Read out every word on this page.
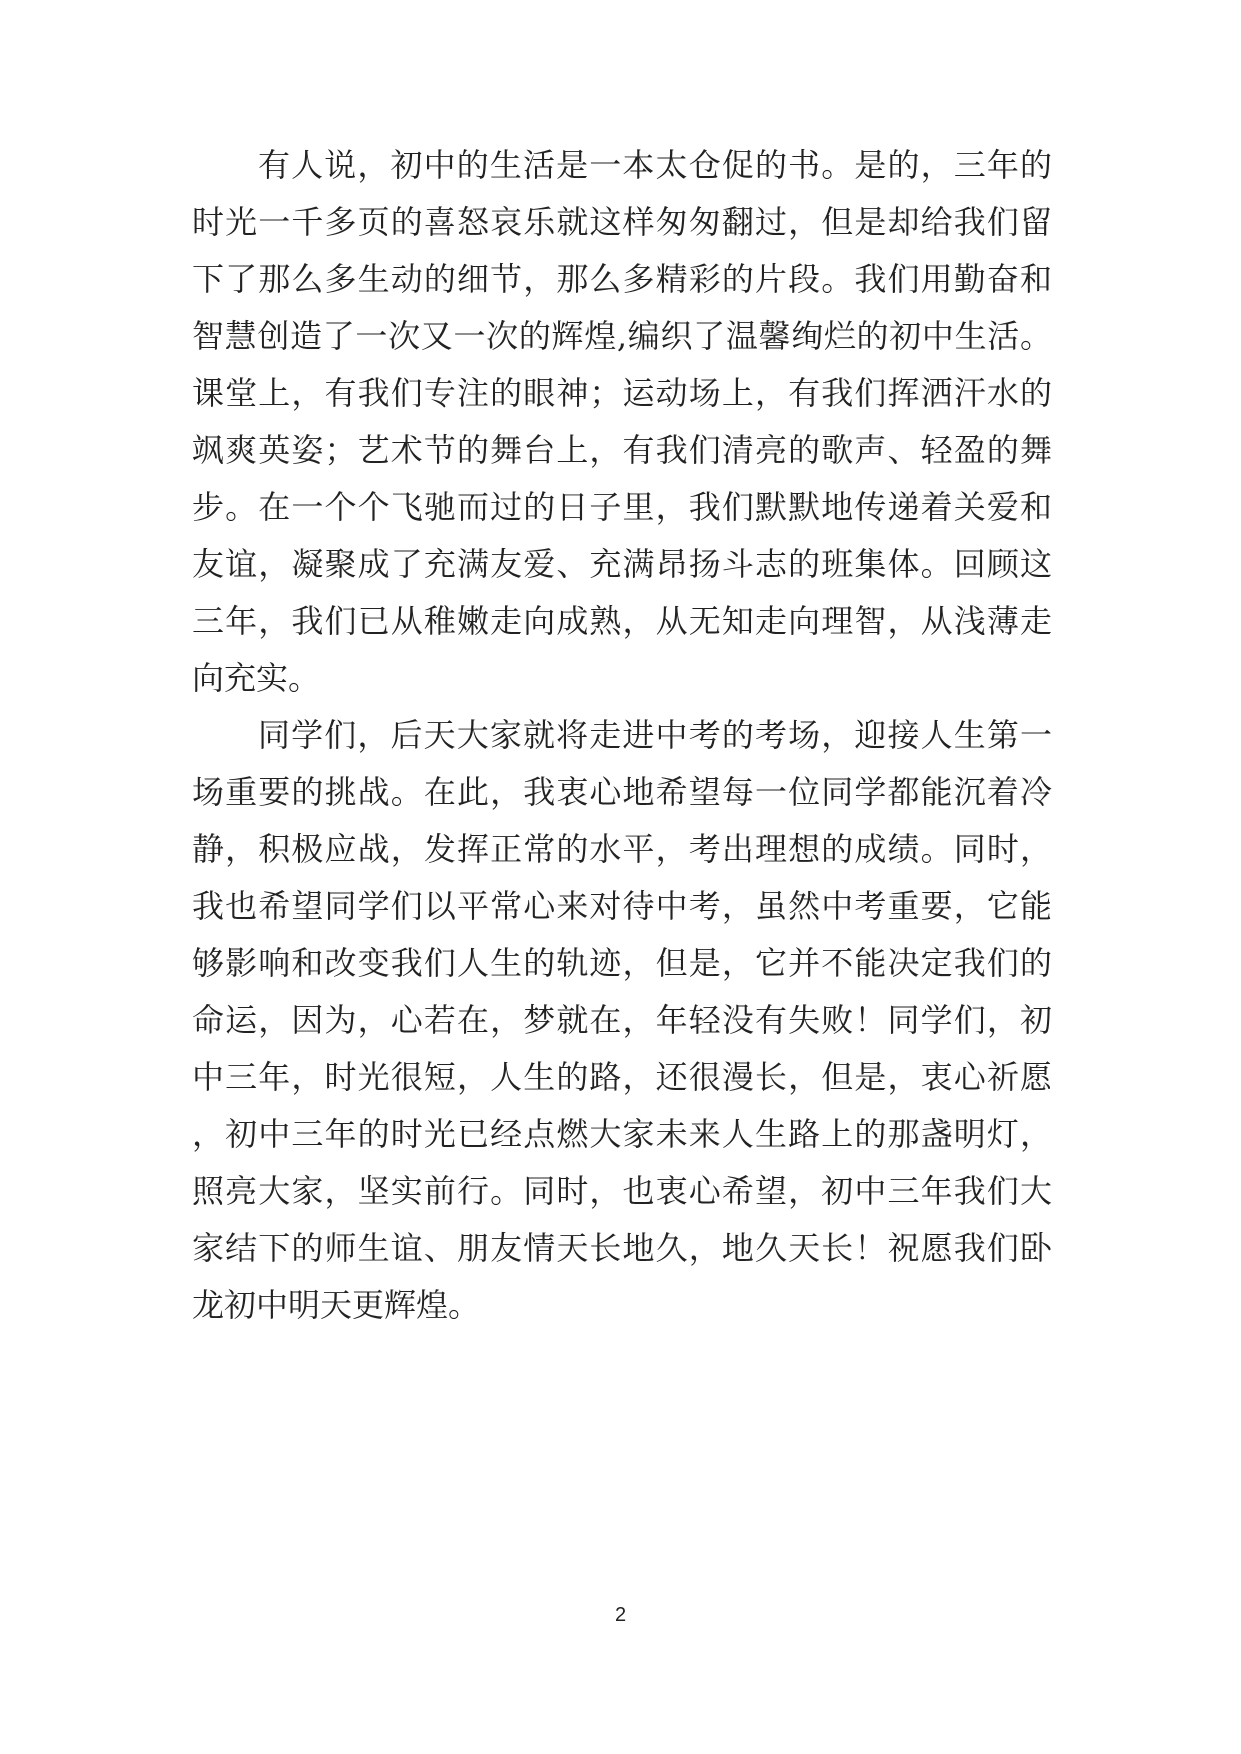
有人说，初中的生活是一本太仓促的书。是的，三年的
时光一千多页的喜怒哀乐就这样匆匆翻过，但是却给我们留
下了那么多生动的细节，那么多精彩的片段。我们用勤奋和
智慧创造了一次又一次的辉煌,编织了温馨绚烂的初中生活。
课堂上，有我们专注的眼神；运动场上，有我们挥洒汗水的
飒爽英姿；艺术节的舞台上，有我们清亮的歌声、轻盈的舞
步。在一个个飞驰而过的日子里，我们默默地传递着关爱和
友谊，凝聚成了充满友爱、充满昂扬斗志的班集体。回顾这
三年，我们已从稚嫩走向成熟，从无知走向理智，从浅薄走
向充实。
同学们，后天大家就将走进中考的考场，迎接人生第一
场重要的挑战。在此，我衷心地希望每一位同学都能沉着冷
静，积极应战，发挥正常的水平，考出理想的成绩。同时，
我也希望同学们以平常心来对待中考，虽然中考重要，它能
够影响和改变我们人生的轨迹，但是，它并不能决定我们的
命运，因为，心若在，梦就在，年轻没有失败！同学们，初
中三年，时光很短，人生的路，还很漫长，但是，衷心祈愿
，初中三年的时光已经点燃大家未来人生路上的那盏明灯，
照亮大家，坚实前行。同时，也衷心希望，初中三年我们大
家结下的师生谊、朋友情天长地久，地久天长！祝愿我们卧
龙初中明天更辉煌。
2
